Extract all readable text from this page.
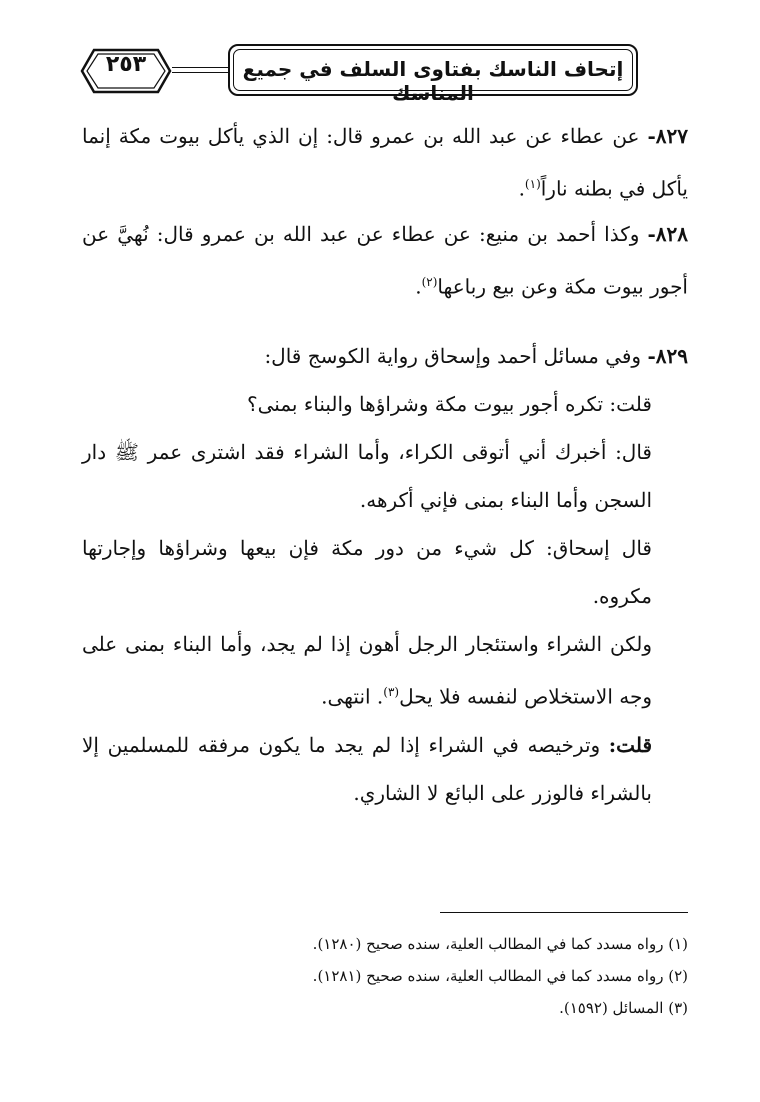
٢٥٣	إتحاف الناسك بفتاوى السلف في جميع المناسك

٨٢٧- عن عطاء عن عبد الله بن عمرو قال: إن الذي يأكل بيوت مكة إنما يأكل في بطنه ناراً$^{(١)}$.

٨٢٨- وكذا أحمد بن منيع: عن عطاء عن عبد الله بن عمرو قال: نُهيَّ عن أجور بيوت مكة وعن بيع رباعها$^{(٢)}$.

٨٢٩- وفي مسائل أحمد وإسحاق رواية الكوسج قال:

قلت: تكره أجور بيوت مكة وشراؤها والبناء بمنى؟

قال: أخبرك أني أتوقى الكراء، وأما الشراء فقد اشترى عمر ﷺ دار السجن وأما البناء بمنى فإني أكرهه.

قال إسحاق: كل شيء من دور مكة فإن بيعها وشراؤها وإجارتها مكروه.

ولكن الشراء واستئجار الرجل أهون إذا لم يجد، وأما البناء بمنى على وجه الاستخلاص لنفسه فلا يحل$^{(٣)}$. انتهى.

قلت: وترخيصه في الشراء إذا لم يجد ما يكون مرفقه للمسلمين إلا بالشراء فالوزر على البائع لا الشاري.

(١) رواه مسدد كما في المطالب العلية، سنده صحيح (١٢٨٠).

(٢) رواه مسدد كما في المطالب العلية، سنده صحيح (١٢٨١).

(٣) المسائل (١٥٩٢).
